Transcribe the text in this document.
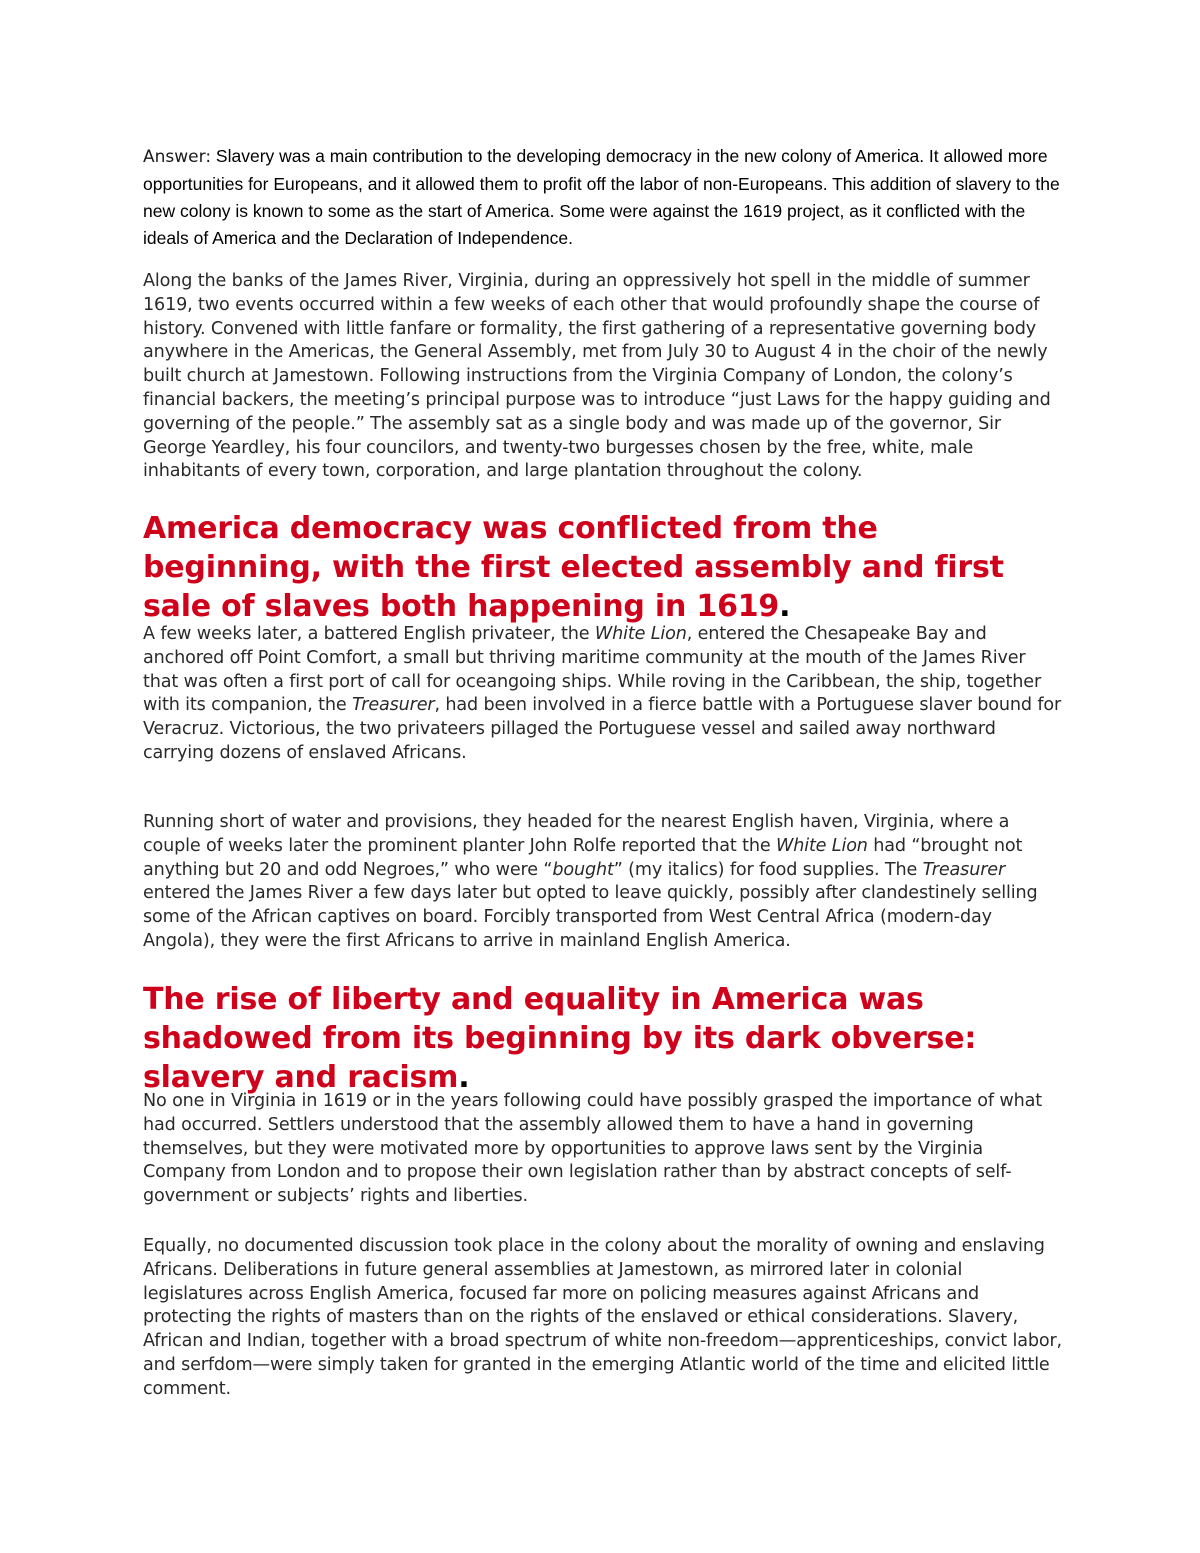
Answer: Slavery was a main contribution to the developing democracy in the new colony of America. It allowed more opportunities for Europeans, and it allowed them to profit off the labor of non-Europeans. This addition of slavery to the new colony is known to some as the start of America. Some were against the 1619 project, as it conflicted with the ideals of America and the Declaration of Independence.

Along the banks of the James River, Virginia, during an oppressively hot spell in the middle of summer 1619, two events occurred within a few weeks of each other that would profoundly shape the course of history. Convened with little fanfare or formality, the first gathering of a representative governing body anywhere in the Americas, the General Assembly, met from July 30 to August 4 in the choir of the newly built church at Jamestown. Following instructions from the Virginia Company of London, the colony’s financial backers, the meeting’s principal purpose was to introduce “just Laws for the happy guiding and governing of the people.” The assembly sat as a single body and was made up of the governor, Sir George Yeardley, his four councilors, and twenty-two burgesses chosen by the free, white, male inhabitants of every town, corporation, and large plantation throughout the colony.

America democracy was conflicted from the beginning, with the first elected assembly and first sale of slaves both happening in 1619.

A few weeks later, a battered English privateer, the White Lion, entered the Chesapeake Bay and anchored off Point Comfort, a small but thriving maritime community at the mouth of the James River that was often a first port of call for oceangoing ships. While roving in the Caribbean, the ship, together with its companion, the Treasurer, had been involved in a fierce battle with a Portuguese slaver bound for Veracruz. Victorious, the two privateers pillaged the Portuguese vessel and sailed away northward carrying dozens of enslaved Africans.

Running short of water and provisions, they headed for the nearest English haven, Virginia, where a couple of weeks later the prominent planter John Rolfe reported that the White Lion had “brought not anything but 20 and odd Negroes,” who were “bought” (my italics) for food supplies. The Treasurer entered the James River a few days later but opted to leave quickly, possibly after clandestinely selling some of the African captives on board. Forcibly transported from West Central Africa (modern-day Angola), they were the first Africans to arrive in mainland English America.

The rise of liberty and equality in America was shadowed from its beginning by its dark obverse: slavery and racism.

No one in Virginia in 1619 or in the years following could have possibly grasped the importance of what had occurred. Settlers understood that the assembly allowed them to have a hand in governing themselves, but they were motivated more by opportunities to approve laws sent by the Virginia Company from London and to propose their own legislation rather than by abstract concepts of self-government or subjects’ rights and liberties.

Equally, no documented discussion took place in the colony about the morality of owning and enslaving Africans. Deliberations in future general assemblies at Jamestown, as mirrored later in colonial legislatures across English America, focused far more on policing measures against Africans and protecting the rights of masters than on the rights of the enslaved or ethical considerations. Slavery, African and Indian, together with a broad spectrum of white non-freedom—apprenticeships, convict labor, and serfdom—were simply taken for granted in the emerging Atlantic world of the time and elicited little comment.
